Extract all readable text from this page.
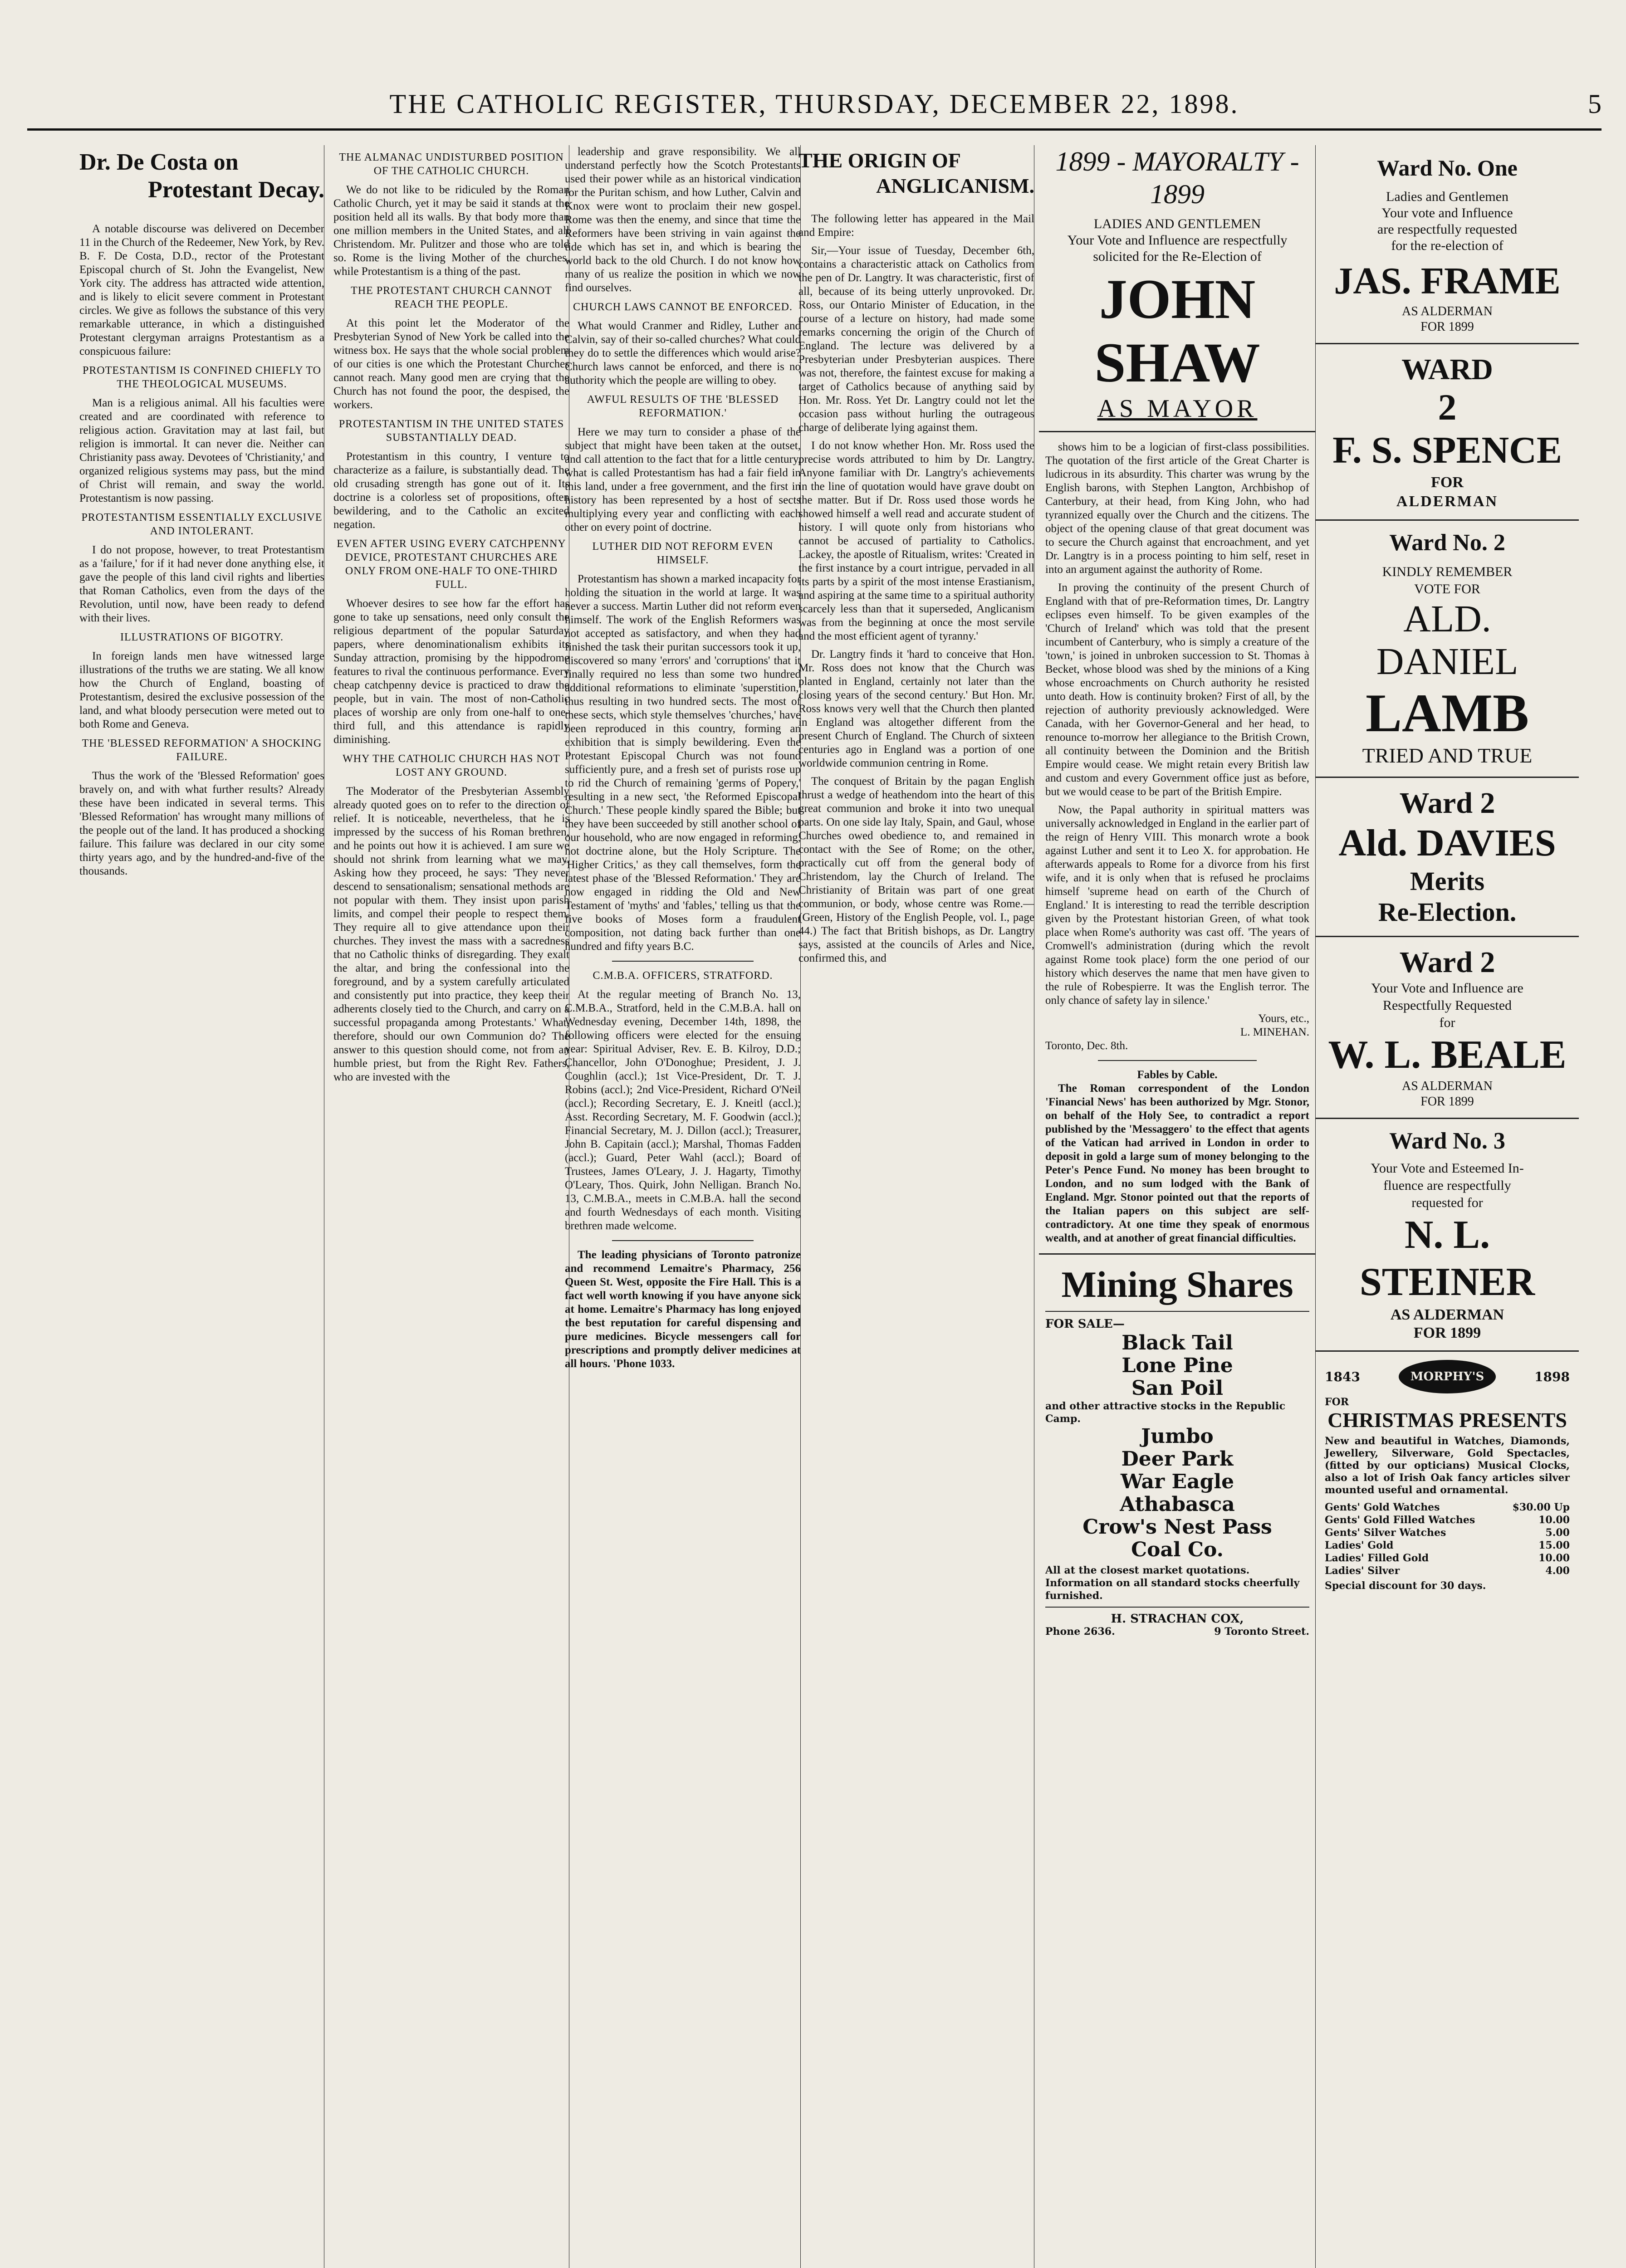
THE CATHOLIC REGISTER, THURSDAY, DECEMBER 22, 1898.	5
Dr. De Costa on
Protestant Decay.

A notable discourse was delivered on December 11 in the Church of the Redeemer, New York, by Rev. B. F. De Costa, D.D., rector of the Protestant Episcopal church of St. John the Evangelist, New York city. The address has attracted wide attention, and is likely to elicit severe comment in Protestant circles. We give as follows the substance of this very remarkable utterance, in which a distinguished Protestant clergyman arraigns Protestantism as a conspicuous failure:

PROTESTANTISM IS CONFINED CHIEFLY TO THE THEOLOGICAL MUSEUMS.

Man is a religious animal. All his faculties were created and are coordinated with reference to religious action. Gravitation may at last fail, but religion is immortal. It can never die. Neither can Christianity pass away. Devotees of 'Christianity,' and organized religious systems may pass, but the mind of Christ will remain, and sway the world. Protestantism is now passing.

PROTESTANTISM ESSENTIALLY EXCLUSIVE AND INTOLERANT.

I do not propose, however, to treat Protestantism as a 'failure,' for if it had never done anything else, it gave the people of this land civil rights and liberties that Roman Catholics, even from the days of the Revolution, until now, have been ready to defend with their lives.

ILLUSTRATIONS OF BIGOTRY.

In foreign lands men have witnessed large illustrations of the truths we are stating. We all know how the Church of England, boasting of Protestantism, desired the exclusive possession of the land, and what bloody persecution were meted out to both Rome and Geneva.

THE 'BLESSED REFORMATION' A SHOCKING FAILURE.

Thus the work of the 'Blessed Reformation' goes bravely on, and with what further results? Already these have been indicated in several terms. This 'Blessed Reformation' has wrought many millions of the people out of the land. It has produced a shocking failure. This failure was declared in our city some thirty years ago, and by the hundred-and-five of the thousands.

THE ALMANAC UNDISTURBED POSITION OF THE CATHOLIC CHURCH.

We do not like to be ridiculed by the Roman Catholic Church, yet it may be said it stands at the position held all its walls. By that body more than one million members in the United States, and all Christendom. Mr. Pulitzer and those who are told so. Rome is the living Mother of the churches, while Protestantism is a thing of the past.

THE PROTESTANT CHURCH CANNOT REACH THE PEOPLE.

At this point let the Moderator of the Presbyterian Synod of New York be called into the witness box. He says that the whole social problem of our cities is one which the Protestant Churches cannot reach. Many good men are crying that the Church has not found the poor, the despised, the workers.

PROTESTANTISM IN THE UNITED STATES SUBSTANTIALLY DEAD.

Protestantism in this country, I venture to characterize as a failure, is substantially dead. The old crusading strength has gone out of it. Its doctrine is a colorless set of propositions, often bewildering, and to the Catholic an excited negation.

EVEN AFTER USING EVERY CATCHPENNY DEVICE, PROTESTANT CHURCHES ARE ONLY FROM ONE-HALF TO ONE-THIRD FULL.

Whoever desires to see how far the effort has gone to take up sensations, need only consult the religious department of the popular Saturday papers, where denominationalism exhibits its Sunday attraction, promising by the hippodrome features to rival the continuous performance. Every cheap catchpenny device is practiced to draw the people, but in vain. The most of non-Catholic places of worship are only from one-half to one-third full, and this attendance is rapidly diminishing.

WHY THE CATHOLIC CHURCH HAS NOT LOST ANY GROUND.

The Moderator of the Presbyterian Assembly already quoted goes on to refer to the direction of relief. It is noticeable, nevertheless, that he is impressed by the success of his Roman brethren, and he points out how it is achieved. I am sure we should not shrink from learning what we may. Asking how they proceed, he says: 'They never descend to sensationalism; sensational methods are not popular with them. They insist upon parish limits, and compel their people to respect them. They require all to give attendance upon their churches. They invest the mass with a sacredness that no Catholic thinks of disregarding. They exalt the altar, and bring the confessional into the foreground, and by a system carefully articulated and consistently put into practice, they keep their adherents closely tied to the Church, and carry on a successful propaganda among Protestants.' What, therefore, should our own Communion do? The answer to this question should come, not from an humble priest, but from the Right Rev. Fathers, who are invested with the

leadership and grave responsibility. We all understand perfectly how the Scotch Protestants used their power while as an historical vindication for the Puritan schism, and how Luther, Calvin and Knox were wont to proclaim their new gospel. Rome was then the enemy, and since that time the Reformers have been striving in vain against the tide which has set in, and which is bearing the world back to the old Church. I do not know how many of us realize the position in which we now find ourselves.

CHURCH LAWS CANNOT BE ENFORCED.

What would Cranmer and Ridley, Luther and Calvin, say of their so-called churches? What could they do to settle the differences which would arise? Church laws cannot be enforced, and there is no authority which the people are willing to obey.

AWFUL RESULTS OF THE 'BLESSED REFORMATION.'

Here we may turn to consider a phase of the subject that might have been taken at the outset, and call attention to the fact that for a little century, what is called Protestantism has had a fair field in this land, under a free government, and the first in history has been represented by a host of sects multiplying every year and conflicting with each other on every point of doctrine.

LUTHER DID NOT REFORM EVEN HIMSELF.

Protestantism has shown a marked incapacity for holding the situation in the world at large. It was never a success. Martin Luther did not reform even himself. The work of the English Reformers was not accepted as satisfactory, and when they had finished the task their puritan successors took it up, discovered so many 'errors' and 'corruptions' that it finally required no less than some two hundred additional reformations to eliminate 'superstition,' thus resulting in two hundred sects. The most of these sects, which style themselves 'churches,' have been reproduced in this country, forming an exhibition that is simply bewildering. Even the Protestant Episcopal Church was not found sufficiently pure, and a fresh set of purists rose up to rid the Church of remaining 'germs of Popery,' resulting in a new sect, 'the Reformed Episcopal Church.' These people kindly spared the Bible; but they have been succeeded by still another school of our household, who are now engaged in reforming, not doctrine alone, but the Holy Scripture. The 'Higher Critics,' as they call themselves, form the latest phase of the 'Blessed Reformation.' They are now engaged in ridding the Old and New Testament of 'myths' and 'fables,' telling us that the five books of Moses form a fraudulent composition, not dating back further than one hundred and fifty years B.C.

C.M.B.A. OFFICERS, STRATFORD.

At the regular meeting of Branch No. 13, C.M.B.A., Stratford, held in the C.M.B.A. hall on Wednesday evening, December 14th, 1898, the following officers were elected for the ensuing year: Spiritual Adviser, Rev. E. B. Kilroy, D.D.; Chancellor, John O'Donoghue; President, J. J. Coughlin (accl.); 1st Vice-President, Dr. T. J. Robins (accl.); 2nd Vice-President, Richard O'Neil (accl.); Recording Secretary, E. J. Kneitl (accl.); Asst. Recording Secretary, M. F. Goodwin (accl.); Financial Secretary, M. J. Dillon (accl.); Treasurer, John B. Capitain (accl.); Marshal, Thomas Fadden (accl.); Guard, Peter Wahl (accl.); Board of Trustees, James O'Leary, J. J. Hagarty, Timothy O'Leary, Thos. Quirk, John Nelligan. Branch No. 13, C.M.B.A., meets in C.M.B.A. hall the second and fourth Wednesdays of each month. Visiting brethren made welcome.

The leading physicians of Toronto patronize and recommend Lemaitre's Pharmacy, 256 Queen St. West, opposite the Fire Hall. This is a fact well worth knowing if you have anyone sick at home. Lemaitre's Pharmacy has long enjoyed the best reputation for careful dispensing and pure medicines. Bicycle messengers call for prescriptions and promptly deliver medicines at all hours. 'Phone 1033.

THE ORIGIN OF
ANGLICANISM.

The following letter has appeared in the Mail and Empire:

Sir,—Your issue of Tuesday, December 6th, contains a characteristic attack on Catholics from the pen of Dr. Langtry. It was characteristic, first of all, because of its being utterly unprovoked. Dr. Ross, our Ontario Minister of Education, in the course of a lecture on history, had made some remarks concerning the origin of the Church of England. The lecture was delivered by a Presbyterian under Presbyterian auspices. There was not, therefore, the faintest excuse for making a target of Catholics because of anything said by Hon. Mr. Ross. Yet Dr. Langtry could not let the occasion pass without hurling the outrageous charge of deliberate lying against them.

I do not know whether Hon. Mr. Ross used the precise words attributed to him by Dr. Langtry. Anyone familiar with Dr. Langtry's achievements in the line of quotation would have grave doubt on the matter. But if Dr. Ross used those words he showed himself a well read and accurate student of history. I will quote only from historians who cannot be accused of partiality to Catholics. Lackey, the apostle of Ritualism, writes: 'Created in the first instance by a court intrigue, pervaded in all its parts by a spirit of the most intense Erastianism, and aspiring at the same time to a spiritual authority scarcely less than that it superseded, Anglicanism was from the beginning at once the most servile and the most efficient agent of tyranny.'

Dr. Langtry finds it 'hard to conceive that Hon. Mr. Ross does not know that the Church was planted in England, certainly not later than the closing years of the second century.' But Hon. Mr. Ross knows very well that the Church then planted in England was altogether different from the present Church of England. The Church of sixteen centuries ago in England was a portion of one worldwide communion centring in Rome.

The conquest of Britain by the pagan English thrust a wedge of heathendom into the heart of this great communion and broke it into two unequal parts. On one side lay Italy, Spain, and Gaul, whose Churches owed obedience to, and remained in contact with the See of Rome; on the other, practically cut off from the general body of Christendom, lay the Church of Ireland. The Christianity of Britain was part of one great communion, or body, whose centre was Rome.—(Green, History of the English People, vol. I., page 44.) The fact that British bishops, as Dr. Langtry says, assisted at the councils of Arles and Nice, confirmed this, and

1899 - MAYORALTY - 1899
LADIES AND GENTLEMEN
Your Vote and Influence are respectfully
solicited for the Re-Election of
JOHN SHAW
AS MAYOR

shows him to be a logician of first-class possibilities. The quotation of the first article of the Great Charter is ludicrous in its absurdity. This charter was wrung by the English barons, with Stephen Langton, Archbishop of Canterbury, at their head, from King John, who had tyrannized equally over the Church and the citizens. The object of the opening clause of that great document was to secure the Church against that encroachment, and yet Dr. Langtry is in a process pointing to him self, reset in into an argument against the authority of Rome.

In proving the continuity of the present Church of England with that of pre-Reformation times, Dr. Langtry eclipses even himself. To be given examples of the 'Church of Ireland' which was told that the present incumbent of Canterbury, who is simply a creature of the 'town,' is joined in unbroken succession to St. Thomas à Becket, whose blood was shed by the minions of a King whose encroachments on Church authority he resisted unto death. How is continuity broken? First of all, by the rejection of authority previously acknowledged. Were Canada, with her Governor-General and her head, to renounce to-morrow her allegiance to the British Crown, all continuity between the Dominion and the British Empire would cease. We might retain every British law and custom and every Government office just as before, but we would cease to be part of the British Empire.

Now, the Papal authority in spiritual matters was universally acknowledged in England in the earlier part of the reign of Henry VIII. This monarch wrote a book against Luther and sent it to Leo X. for approbation. He afterwards appeals to Rome for a divorce from his first wife, and it is only when that is refused he proclaims himself 'supreme head on earth of the Church of England.' It is interesting to read the terrible description given by the Protestant historian Green, of what took place when Rome's authority was cast off. 'The years of Cromwell's administration (during which the revolt against Rome took place) form the one period of our history which deserves the name that men have given to the rule of Robespierre. It was the English terror. The only chance of safety lay in silence.'

Yours, etc.,
L. MINEHAN.
Toronto, Dec. 8th.
Fables by Cable.

The Roman correspondent of the London 'Financial News' has been authorized by Mgr. Stonor, on behalf of the Holy See, to contradict a report published by the 'Messaggero' to the effect that agents of the Vatican had arrived in London in order to deposit in gold a large sum of money belonging to the Peter's Pence Fund. No money has been brought to London, and no sum lodged with the Bank of England. Mgr. Stonor pointed out that the reports of the Italian papers on this subject are self-contradictory. At one time they speak of enormous wealth, and at another of great financial difficulties.

Mining Shares
FOR SALE—
Black Tail
Lone Pine
San Poil
and other attractive stocks in the Republic Camp.
Jumbo
Deer Park
War Eagle
Athabasca
Crow's Nest Pass
Coal Co.
All at the closest market quotations. Information on all standard stocks cheerfully furnished.
H. STRACHAN COX,
Phone 2636.	9 Toronto Street.
Ward No. One
Ladies and Gentlemen
Your vote and Influence
are respectfully requested
for the re-election of
JAS. FRAME
AS ALDERMAN
FOR 1899
WARD
2
F. S. SPENCE
FOR
ALDERMAN
Ward No. 2
KINDLY REMEMBER
VOTE FOR
ALD.
DANIEL
LAMB
TRIED AND TRUE
Ward 2
Ald. DAVIES
Merits
Re-Election.
Ward 2
Your Vote and Influence are
Respectfully Requested
for
W. L. BEALE
AS ALDERMAN
FOR 1899
Ward No. 3
Your Vote and Esteemed In-
fluence are respectfully
requested for
N. L. STEINER
AS ALDERMAN
FOR 1899
1843	MORPHY'S	1898
FOR
CHRISTMAS PRESENTS
New and beautiful in Watches, Diamonds, Jewellery, Silverware, Gold Spectacles, (fitted by our opticians) Musical Clocks, also a lot of Irish Oak fancy articles silver mounted useful and ornamental.
Gents' Gold Watches	$30.00 Up
Gents' Gold Filled Watches	10.00
Gents' Silver Watches	5.00
Ladies' Gold	15.00
Ladies' Filled Gold	10.00
Ladies' Silver	4.00
Special discount for 30 days.
